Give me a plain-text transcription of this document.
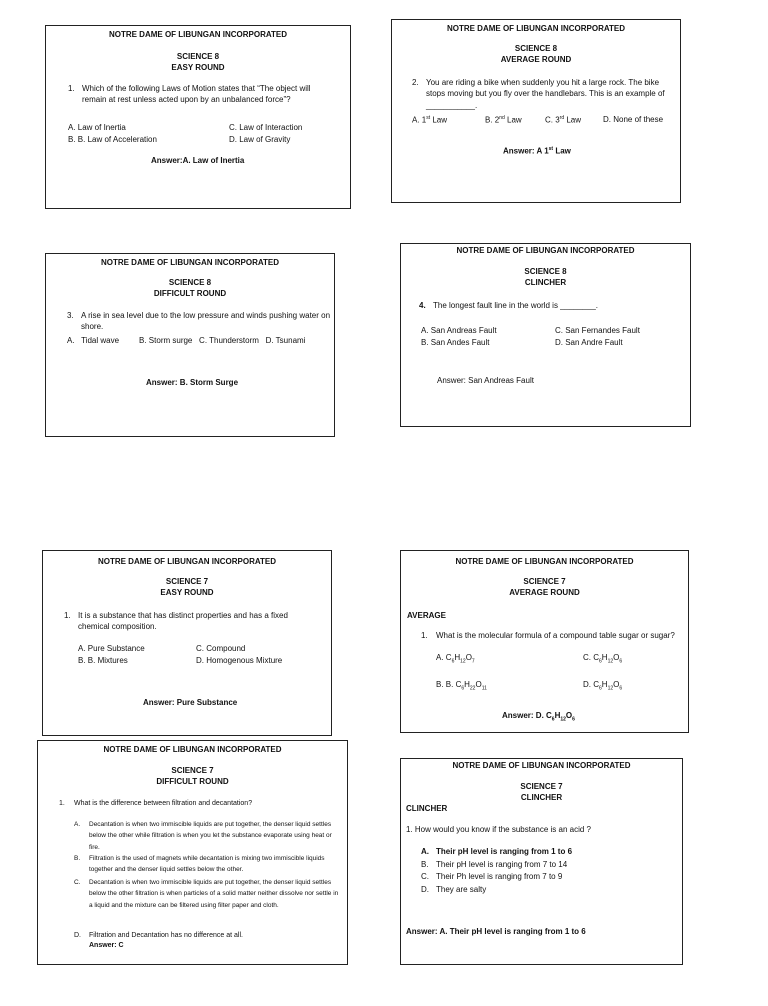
NOTRE DAME OF LIBUNGAN INCORPORATED
SCIENCE 8
EASY ROUND
1. Which of the following Laws of Motion states that “The object will remain at rest unless acted upon by an unbalanced force”?
A. Law of Inertia	C. Law of Interaction
B. B. Law of Acceleration	D. Law of Gravity
Answer:A. Law of Inertia
NOTRE DAME OF LIBUNGAN INCORPORATED
SCIENCE 8
AVERAGE ROUND
2. You are riding a bike when suddenly you hit a large rock. The bike stops moving but you fly over the handlebars. This is an example of
___________.
A. 1st Law	B. 2nd Law	C. 3rd Law	D. None of these
Answer: A 1st Law
NOTRE DAME OF LIBUNGAN INCORPORATED
SCIENCE 8
DIFFICULT ROUND
3. A rise in sea level due to the low pressure and winds pushing water on shore.
A.   Tidal wave         B. Storm surge   C. Thunderstorm   D. Tsunami
Answer: B. Storm Surge
NOTRE DAME OF LIBUNGAN INCORPORATED
SCIENCE 8
CLINCHER
4. The longest fault line in the world is ________.
A. San Andreas Fault	C. San Fernandes Fault
B. San Andes Fault	D. San Andre Fault
Answer: San Andreas Fault
NOTRE DAME OF LIBUNGAN INCORPORATED
SCIENCE 7
EASY ROUND
1. It is a substance that has distinct properties and has a fixed chemical composition.
A. Pure Substance	C. Compound
B. B. Mixtures	D. Homogenous Mixture
Answer: Pure Substance
NOTRE DAME OF LIBUNGAN INCORPORATED
SCIENCE 7
AVERAGE ROUND
AVERAGE
1. What is the molecular formula of a compound table sugar or sugar?
A. $C_6H_{12}O_7$	C. $C_6H_{12}O_6$
B. B. $C_6H_{22}O_{11}$	D. $C_6H_{12}O_6$
Answer: D. $C_6H_{12}O_6$
NOTRE DAME OF LIBUNGAN INCORPORATED
SCIENCE 7
DIFFICULT ROUND
1. What is the difference between filtration and decantation?
A. Decantation is when two immiscible liquids are put together, the denser liquid settles below the other while filtration is when you let the substance evaporate using heat or fire.
B. Filtration is the used of magnets while decantation is mixing two immiscible liquids together and the denser liquid settles below the other.
C. Decantation is when two immiscible liquids are put together, the denser liquid settles below the other filtration is when particles of a solid matter neither dissolve nor settle in a liquid and the mixture can be filtered using filter paper and cloth.
D. Filtration and Decantation has no difference at all.
Answer: C
NOTRE DAME OF LIBUNGAN INCORPORATED
SCIENCE 7
CLINCHER
CLINCHER
1. How would you know if the substance is an acid ?
A. Their pH level is ranging from 1 to 6
B. Their pH level is ranging from 7 to 14
C. Their Ph level is ranging from 7 to 9
D. They are salty
Answer: A. Their pH level is ranging from 1 to 6
